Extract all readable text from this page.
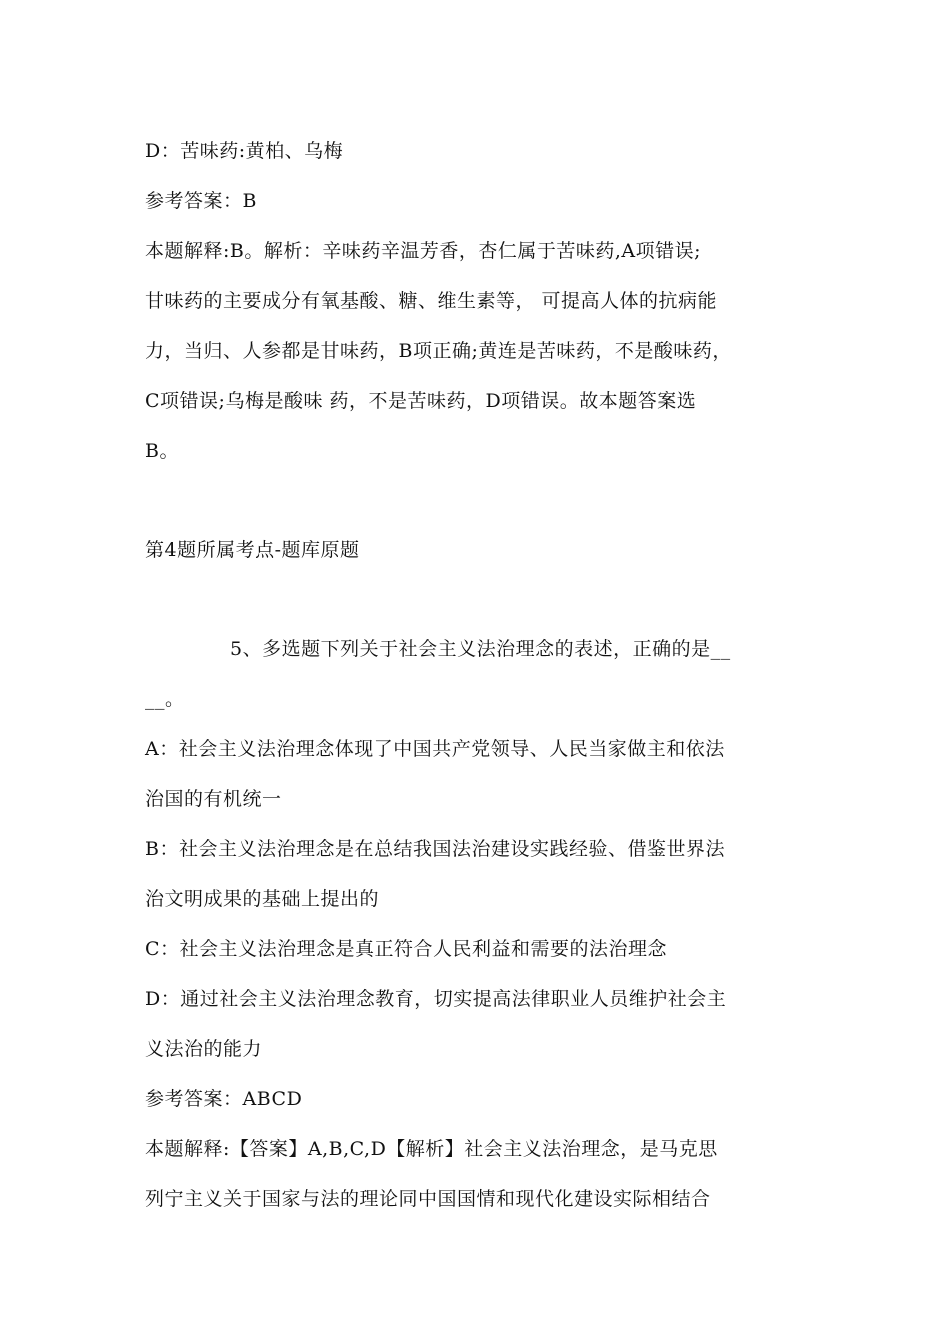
D：苦味药:黄柏、乌梅
参考答案：B
本题解释:B。解析：辛味药辛温芳香，杏仁属于苦味药,A项错误;
甘味药的主要成分有氧基酸、糖、维生素等， 可提高人体的抗病能
力，当归、人参都是甘味药，B项正确;黄连是苦味药，不是酸味药，
C项错误;乌梅是酸味 药，不是苦味药，D项错误。故本题答案选
B。
第4题所属考点-题库原题
5、多选题下列关于社会主义法治理念的表述，正确的是__
__。
A：社会主义法治理念体现了中国共产党领导、人民当家做主和依法
治国的有机统一
B：社会主义法治理念是在总结我国法治建设实践经验、借鉴世界法
治文明成果的基础上提出的
C：社会主义法治理念是真正符合人民利益和需要的法治理念
D：通过社会主义法治理念教育，切实提高法律职业人员维护社会主
义法治的能力
参考答案：ABCD
本题解释:【答案】A,B,C,D【解析】社会主义法治理念，是马克思
列宁主义关于国家与法的理论同中国国情和现代化建设实际相结合
